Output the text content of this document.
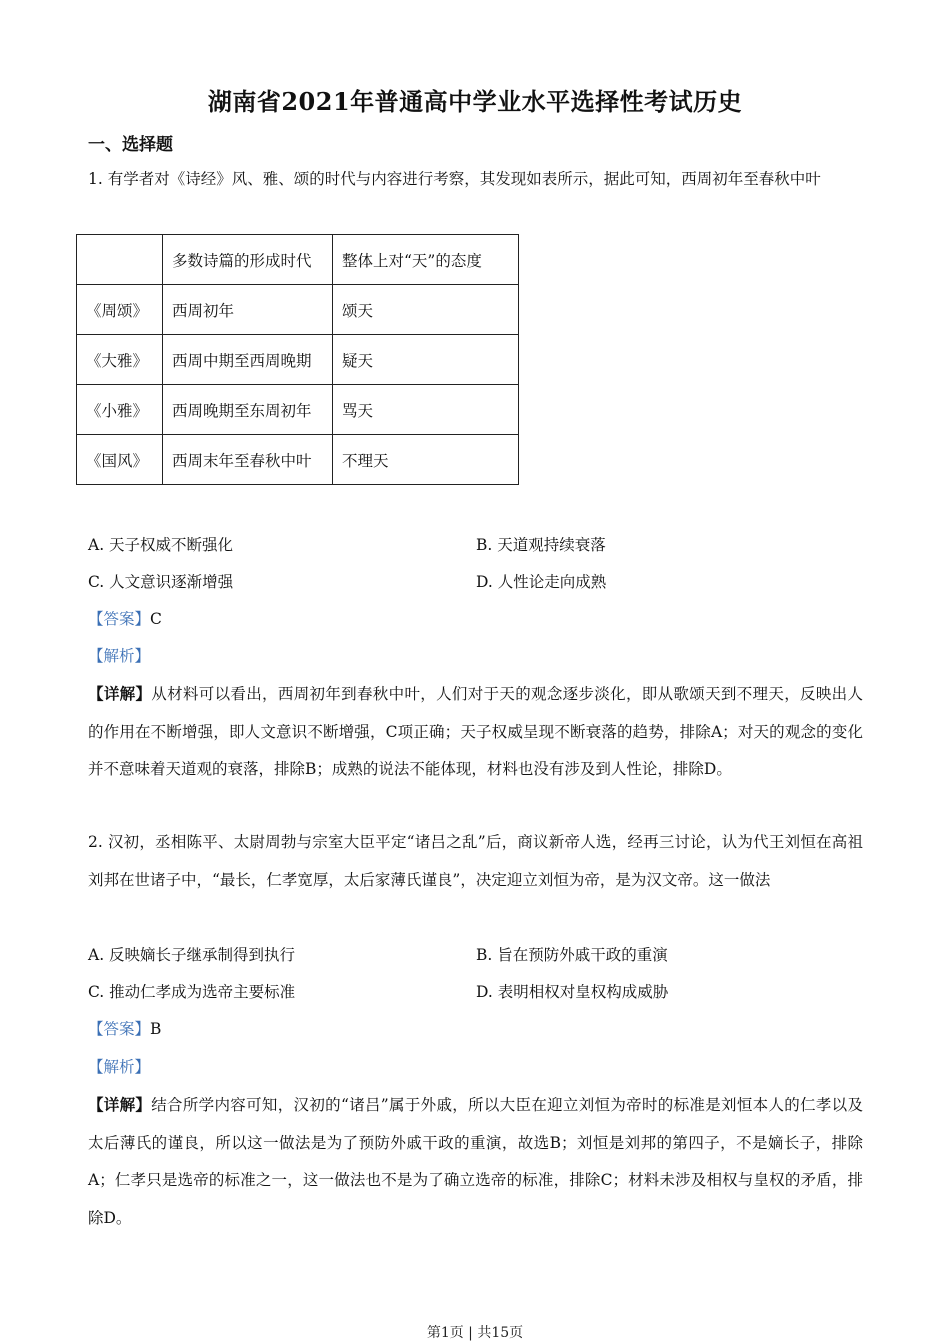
湖南省2021年普通高中学业水平选择性考试历史
一、选择题
1. 有学者对《诗经》风、雅、颂的时代与内容进行考察，其发现如表所示，据此可知，西周初年至春秋中叶
	多数诗篇的形成时代	整体上对“天”的态度
《周颂》	西周初年	颂天
《大雅》	西周中期至西周晚期	疑天
《小雅》	西周晚期至东周初年	骂天
《国风》	西周末年至春秋中叶	不理天
A. 天子权威不断强化	B. 天道观持续衰落
C. 人文意识逐渐增强	D. 人性论走向成熟
【答案】C
【解析】
【详解】从材料可以看出，西周初年到春秋中叶，人们对于天的观念逐步淡化，即从歌颂天到不理天，反映出人的作用在不断增强，即人文意识不断增强，C项正确；天子权威呈现不断衰落的趋势，排除A；对天的观念的变化并不意味着天道观的衰落，排除B；成熟的说法不能体现，材料也没有涉及到人性论，排除D。
2. 汉初，丞相陈平、太尉周勃与宗室大臣平定“诸吕之乱”后，商议新帝人选，经再三讨论，认为代王刘恒在高祖刘邦在世诸子中，“最长，仁孝宽厚，太后家薄氏谨良”，决定迎立刘恒为帝，是为汉文帝。这一做法
A. 反映嫡长子继承制得到执行	B. 旨在预防外戚干政的重演
C. 推动仁孝成为选帝主要标准	D. 表明相权对皇权构成威胁
【答案】B
【解析】
【详解】结合所学内容可知，汉初的“诸吕”属于外戚，所以大臣在迎立刘恒为帝时的标准是刘恒本人的仁孝以及太后薄氏的谨良，所以这一做法是为了预防外戚干政的重演，故选B；刘恒是刘邦的第四子，不是嫡长子，排除A；仁孝只是选帝的标准之一，这一做法也不是为了确立选帝的标准，排除C；材料未涉及相权与皇权的矛盾，排除D。
第1页 | 共15页
